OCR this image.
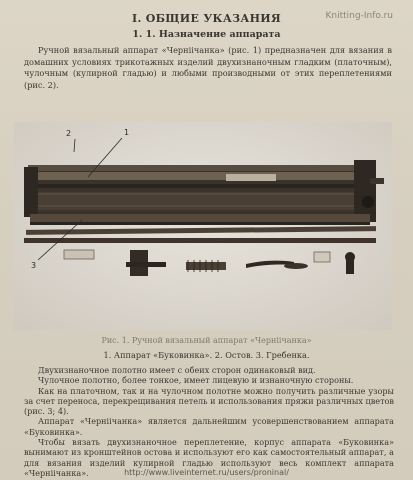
Knitting-Info.ru
І. ОБЩИЕ УКАЗАНИЯ
1. 1. Назначение аппарата
Ручной вязальный аппарат «Черніічанка» (рис. 1) предназначен для вязания в домашних условиях трикотажных изделий двухизнаночным гладким (платочным), чулочным (кулирной гладью) и любыми производными от этих переплетениями (рис. 2).
2	1
3
Рис. 1. Ручной вязальный аппарат «Черніічанка»
1. Аппарат «Буковинка». 2. Остов. 3. Гребенка.

Двухизнаночное полотно имеет с обеих сторон одинаковый вид.

Чулочное полотно, более тонкое, имеет лицевую и изнаночную стороны.

Как на платочном, так и на чулочном полотне можно получить различные узоры за счет переноса, перекрещивания петель и использования пряжи различных цветов (рис. 3; 4).

Аппарат «Черніічанка» является дальнейшим усовершенствованием аппарата «Буковинка».

Чтобы вязать двухизнаночное переплетение, корпус аппарата «Буковинка» вынимают из кронштейнов остова и используют его как самостоятельный аппарат, а для вязания изделий кулирной гладью используют весь комплект аппарата «Черніічанка».	http://www.liveinternet.ru/users/proninal/
